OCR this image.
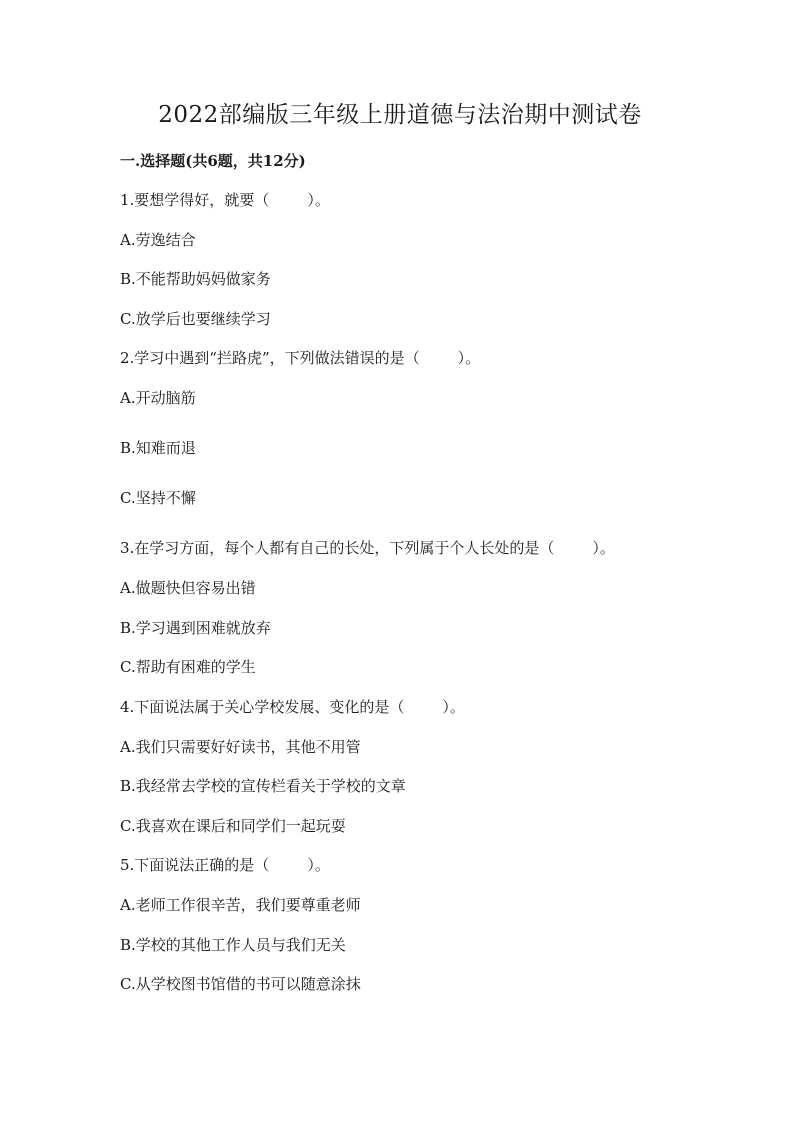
2022部编版三年级上册道德与法治期中测试卷
一.选择题(共6题，共12分)
1.要想学得好，就要（	）。
A.劳逸结合
B.不能帮助妈妈做家务
C.放学后也要继续学习
2.学习中遇到“拦路虎”，下列做法错误的是（	）。
A.开动脑筋
B.知难而退
C.坚持不懈
3.在学习方面，每个人都有自己的长处，下列属于个人长处的是（	）。
A.做题快但容易出错
B.学习遇到困难就放弃
C.帮助有困难的学生
4.下面说法属于关心学校发展、变化的是（	）。
A.我们只需要好好读书，其他不用管
B.我经常去学校的宣传栏看关于学校的文章
C.我喜欢在课后和同学们一起玩耍
5.下面说法正确的是（	）。
A.老师工作很辛苦，我们要尊重老师
B.学校的其他工作人员与我们无关
C.从学校图书馆借的书可以随意涂抹
